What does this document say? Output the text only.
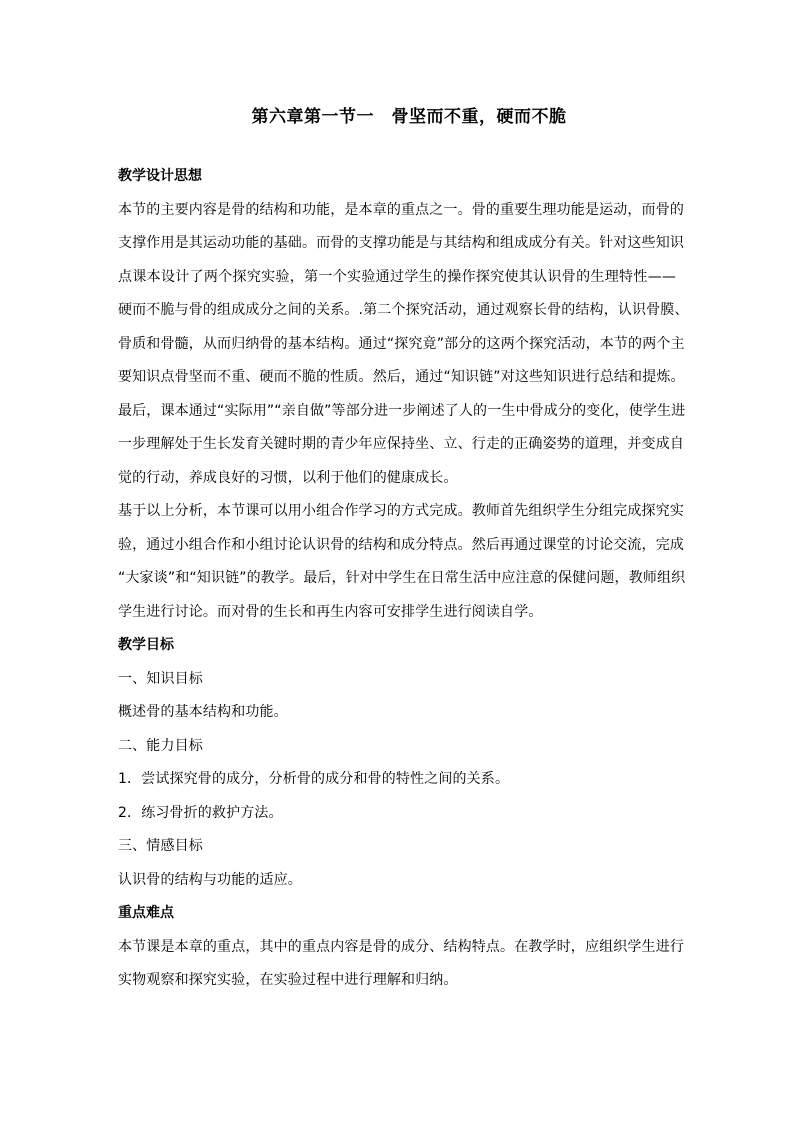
第六章第一节一　骨坚而不重，硬而不脆
教学设计思想

本节的主要内容是骨的结构和功能，是本章的重点之一。骨的重要生理功能是运动，而骨的
支撑作用是其运动功能的基础。而骨的支撑功能是与其结构和组成成分有关。针对这些知识
点课本设计了两个探究实验，第一个实验通过学生的操作探究使其认识骨的生理特性——
硬而不脆与骨的组成成分之间的关系。.第二个探究活动，通过观察长骨的结构，认识骨膜、
骨质和骨髓，从而归纳骨的基本结构。通过“探究竟”部分的这两个探究活动，本节的两个主
要知识点骨坚而不重、硬而不脆的性质。然后，通过“知识链”对这些知识进行总结和提炼。
最后，课本通过“实际用”“亲自做”等部分进一步阐述了人的一生中骨成分的变化，使学生进
一步理解处于生长发育关键时期的青少年应保持坐、立、行走的正确姿势的道理，并变成自
觉的行动，养成良好的习惯，以利于他们的健康成长。

基于以上分析，本节课可以用小组合作学习的方式完成。教师首先组织学生分组完成探究实
验，通过小组合作和小组讨论认识骨的结构和成分特点。然后再通过课堂的讨论交流，完成
“大家谈”和“知识链”的教学。最后，针对中学生在日常生活中应注意的保健问题，教师组织
学生进行讨论。而对骨的生长和再生内容可安排学生进行阅读自学。

教学目标

一、知识目标

概述骨的基本结构和功能。

二、能力目标

1．尝试探究骨的成分，分析骨的成分和骨的特性之间的关系。

2．练习骨折的救护方法。

三、情感目标

认识骨的结构与功能的适应。

重点难点

本节课是本章的重点，其中的重点内容是骨的成分、结构特点。在教学时，应组织学生进行
实物观察和探究实验，在实验过程中进行理解和归纳。
